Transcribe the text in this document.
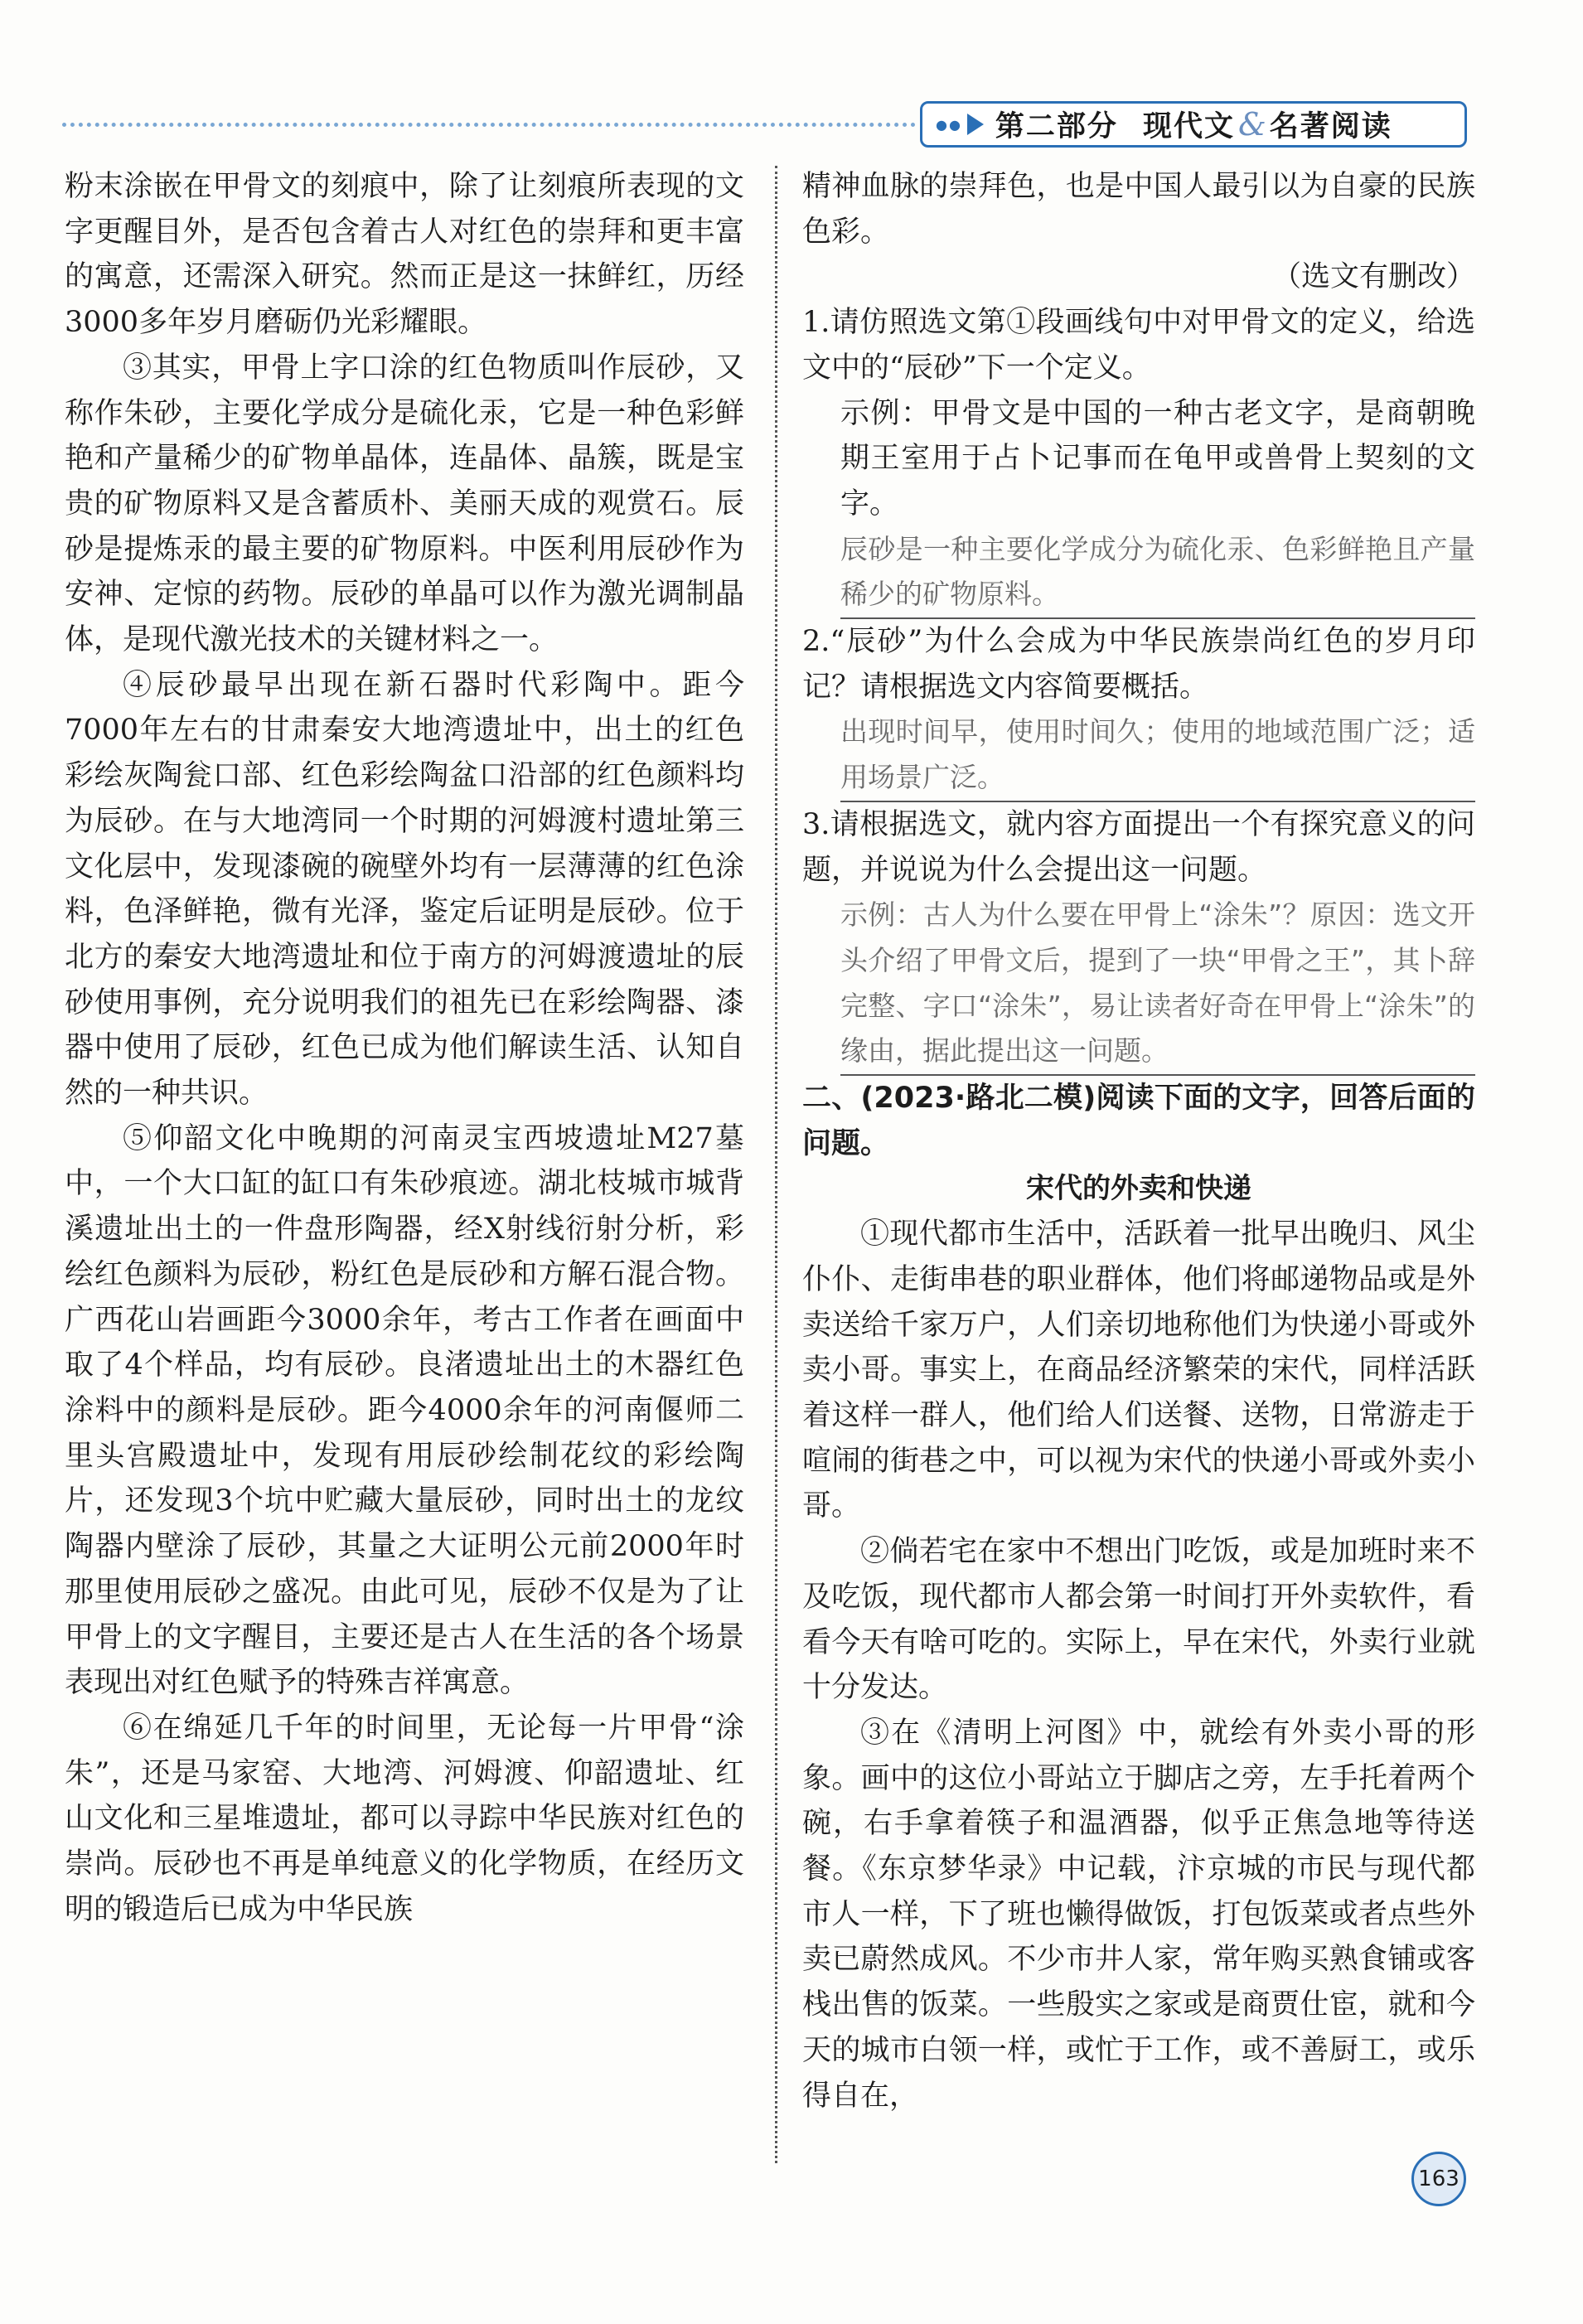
●● 第二部分 现代文 & 名著阅读

粉末涂嵌在甲骨文的刻痕中，除了让刻痕所表现的文字更醒目外，是否包含着古人对红色的崇拜和更丰富的寓意，还需深入研究。然而正是这一抹鲜红，历经3000多年岁月磨砺仍光彩耀眼。

③其实，甲骨上字口涂的红色物质叫作辰砂，又称作朱砂，主要化学成分是硫化汞，它是一种色彩鲜艳和产量稀少的矿物单晶体，连晶体、晶簇，既是宝贵的矿物原料又是含蓄质朴、美丽天成的观赏石。辰砂是提炼汞的最主要的矿物原料。中医利用辰砂作为安神、定惊的药物。辰砂的单晶可以作为激光调制晶体，是现代激光技术的关键材料之一。

④辰砂最早出现在新石器时代彩陶中。距今7000年左右的甘肃秦安大地湾遗址中，出土的红色彩绘灰陶瓮口部、红色彩绘陶盆口沿部的红色颜料均为辰砂。在与大地湾同一个时期的河姆渡村遗址第三文化层中，发现漆碗的碗壁外均有一层薄薄的红色涂料，色泽鲜艳，微有光泽，鉴定后证明是辰砂。位于北方的秦安大地湾遗址和位于南方的河姆渡遗址的辰砂使用事例，充分说明我们的祖先已在彩绘陶器、漆器中使用了辰砂，红色已成为他们解读生活、认知自然的一种共识。

⑤仰韶文化中晚期的河南灵宝西坡遗址M27墓中，一个大口缸的缸口有朱砂痕迹。湖北枝城市城背溪遗址出土的一件盘形陶器，经X射线衍射分析，彩绘红色颜料为辰砂，粉红色是辰砂和方解石混合物。广西花山岩画距今3000余年，考古工作者在画面中取了4个样品，均有辰砂。良渚遗址出土的木器红色涂料中的颜料是辰砂。距今4000余年的河南偃师二里头宫殿遗址中，发现有用辰砂绘制花纹的彩绘陶片，还发现3个坑中贮藏大量辰砂，同时出土的龙纹陶器内壁涂了辰砂，其量之大证明公元前2000年时那里使用辰砂之盛况。由此可见，辰砂不仅是为了让甲骨上的文字醒目，主要还是古人在生活的各个场景表现出对红色赋予的特殊吉祥寓意。

⑥在绵延几千年的时间里，无论每一片甲骨“涂朱”，还是马家窑、大地湾、河姆渡、仰韶遗址、红山文化和三星堆遗址，都可以寻踪中华民族对红色的崇尚。辰砂也不再是单纯意义的化学物质，在经历文明的锻造后已成为中华民族

精神血脉的崇拜色，也是中国人最引以为自豪的民族色彩。

（选文有删改）

1.请仿照选文第①段画线句中对甲骨文的定义，给选文中的“辰砂”下一个定义。

示例：甲骨文是中国的一种古老文字，是商朝晚期王室用于占卜记事而在龟甲或兽骨上契刻的文字。

辰砂是一种主要化学成分为硫化汞、色彩鲜艳且产量稀少的矿物原料。

2.“辰砂”为什么会成为中华民族崇尚红色的岁月印记？请根据选文内容简要概括。

出现时间早，使用时间久；使用的地域范围广泛；适用场景广泛。

3.请根据选文，就内容方面提出一个有探究意义的问题，并说说为什么会提出这一问题。

示例：古人为什么要在甲骨上“涂朱”？原因：选文开头介绍了甲骨文后，提到了一块“甲骨之王”，其卜辞完整、字口“涂朱”，易让读者好奇在甲骨上“涂朱”的缘由，据此提出这一问题。

二、(2023·路北二模)阅读下面的文字，回答后面的问题。

宋代的外卖和快递

①现代都市生活中，活跃着一批早出晚归、风尘仆仆、走街串巷的职业群体，他们将邮递物品或是外卖送给千家万户，人们亲切地称他们为快递小哥或外卖小哥。事实上，在商品经济繁荣的宋代，同样活跃着这样一群人，他们给人们送餐、送物，日常游走于喧闹的街巷之中，可以视为宋代的快递小哥或外卖小哥。

②倘若宅在家中不想出门吃饭，或是加班时来不及吃饭，现代都市人都会第一时间打开外卖软件，看看今天有啥可吃的。实际上，早在宋代，外卖行业就十分发达。

③在《清明上河图》中，就绘有外卖小哥的形象。画中的这位小哥站立于脚店之旁，左手托着两个碗，右手拿着筷子和温酒器，似乎正焦急地等待送餐。《东京梦华录》中记载，汴京城的市民与现代都市人一样，下了班也懒得做饭，打包饭菜或者点些外卖已蔚然成风。不少市井人家，常年购买熟食铺或客栈出售的饭菜。一些殷实之家或是商贾仕宦，就和今天的城市白领一样，或忙于工作，或不善厨工，或乐得自在，

163
